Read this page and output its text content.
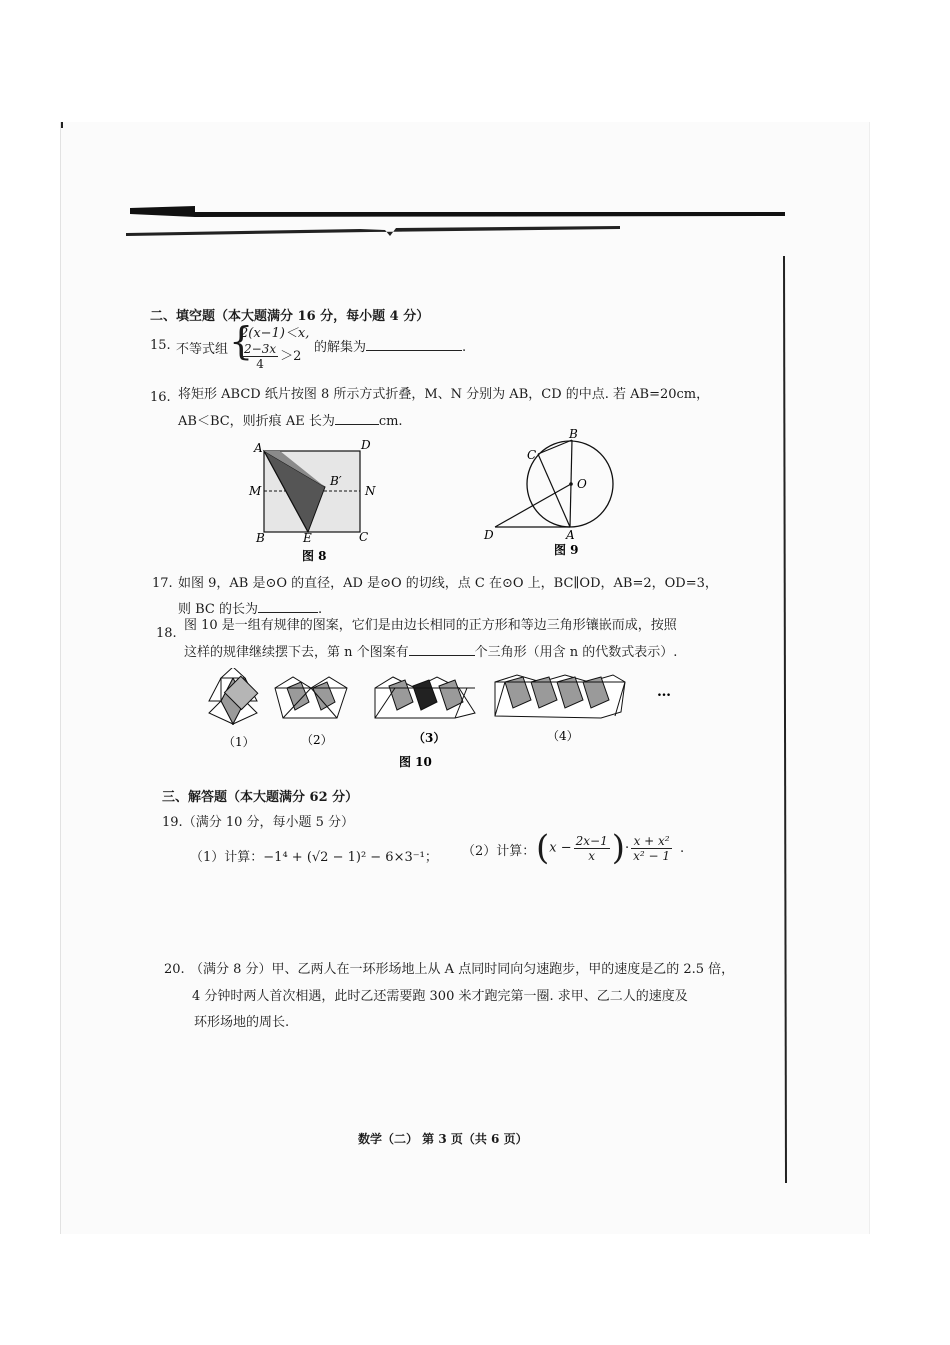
二、填空题（本大题满分 16 分，每小题 4 分）
15. 不等式组 {
2(x−1)＜x,
$\frac{2-3x}{4} >2$
的解集为	.
16. 将矩形 ABCD 纸片按图 8 所示方式折叠，M、N 分别为 AB，CD 的中点. 若 AB=20cm，
AB＜BC，则折痕 AE 长为	cm.
A	D
M	N
B′
B	E	C
图 8
B
C
O
D	A
图 9
17. 如图 9，AB 是⊙O 的直径，AD 是⊙O 的切线，点 C 在⊙O 上，BC∥OD，AB=2，OD=3，
则 BC 的长为	.
18.
图 10 是一组有规律的图案，它们是由边长相同的正方形和等边三角形镶嵌而成，按照
这样的规律继续摆下去，第 n 个图案有	个三角形（用含 n 的代数式表示）.
…
（1）	（2）	（3）	（4）
图 10
三、解答题（本大题满分 62 分）
19.（满分 10 分，每小题 5 分）
（1）计算：−1⁴ + (√2 − 1)² − 6×3⁻¹； （2）计算： ($x - \frac{2x-1}{x}$ )· $\frac{\text{x + x²}}{\text{x² − 1}}$ .
20. （满分 8 分）甲、乙两人在一环形场地上从 A 点同时同向匀速跑步，甲的速度是乙的 2.5 倍，
4 分钟时两人首次相遇，此时乙还需要跑 300 米才跑完第一圈. 求甲、乙二人的速度及
环形场地的周长.
数学（二） 第 3 页（共 6 页）
